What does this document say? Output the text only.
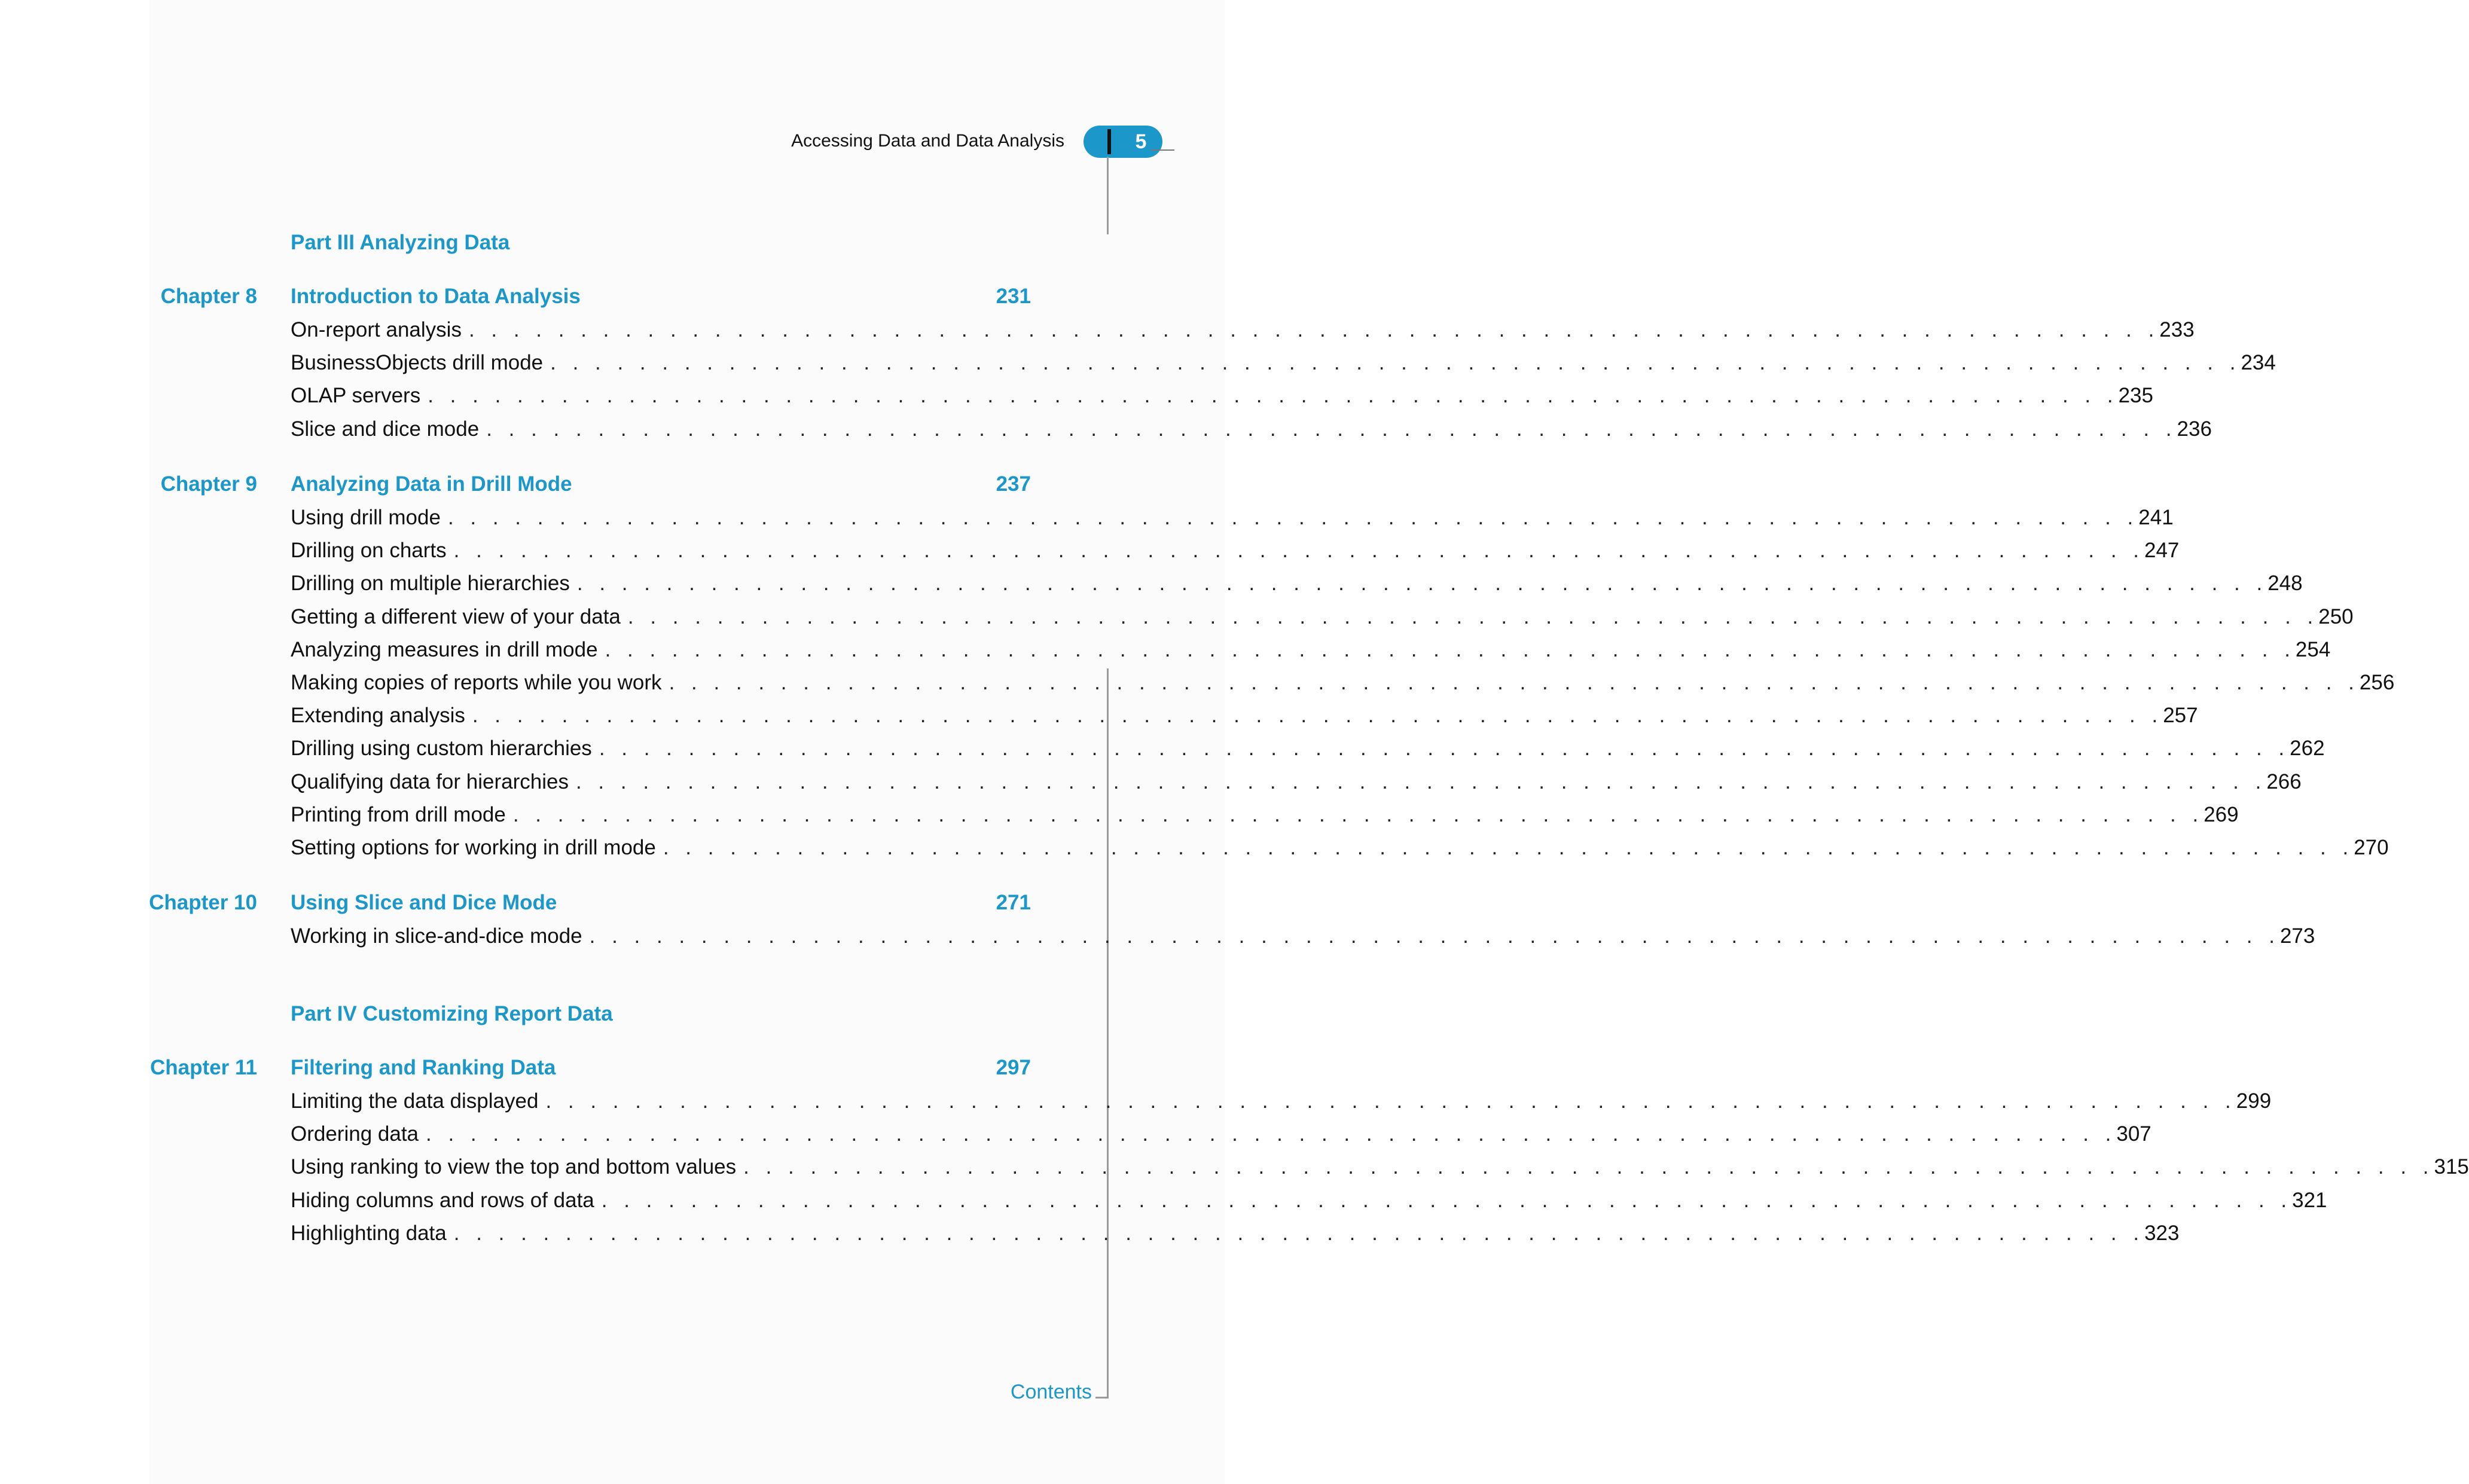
Accessing Data and Data Analysis	5
Contents
Part III Analyzing Data
Chapter 8 Introduction to Data Analysis	231
On-report analysis . . . . . . . . . . . . . . . . . . . . . . . . . . . . . . . . . . . . . . . . . . . . . . . . . . . . . . . . . . . . . . . . . . . . . . . . . . . . 233
BusinessObjects drill mode . . . . . . . . . . . . . . . . . . . . . . . . . . . . . . . . . . . . . . . . . . . . . . . . . . . . . . . . . . . . . . . . . . . . . . . . . . . . 234
OLAP servers . . . . . . . . . . . . . . . . . . . . . . . . . . . . . . . . . . . . . . . . . . . . . . . . . . . . . . . . . . . . . . . . . . . . . . . . . . . . 235
Slice and dice mode . . . . . . . . . . . . . . . . . . . . . . . . . . . . . . . . . . . . . . . . . . . . . . . . . . . . . . . . . . . . . . . . . . . . . . . . . . . . 236
Chapter 9 Analyzing Data in Drill Mode	237
Using drill mode . . . . . . . . . . . . . . . . . . . . . . . . . . . . . . . . . . . . . . . . . . . . . . . . . . . . . . . . . . . . . . . . . . . . . . . . . . . . 241
Drilling on charts . . . . . . . . . . . . . . . . . . . . . . . . . . . . . . . . . . . . . . . . . . . . . . . . . . . . . . . . . . . . . . . . . . . . . . . . . . . . 247
Drilling on multiple hierarchies . . . . . . . . . . . . . . . . . . . . . . . . . . . . . . . . . . . . . . . . . . . . . . . . . . . . . . . . . . . . . . . . . . . . . . . . . . . . 248
Getting a different view of your data . . . . . . . . . . . . . . . . . . . . . . . . . . . . . . . . . . . . . . . . . . . . . . . . . . . . . . . . . . . . . . . . . . . . . . . . . . . . 250
Analyzing measures in drill mode . . . . . . . . . . . . . . . . . . . . . . . . . . . . . . . . . . . . . . . . . . . . . . . . . . . . . . . . . . . . . . . . . . . . . . . . . . . . 254
Making copies of reports while you work . . . . . . . . . . . . . . . . . . . . . . . . . . . . . . . . . . . . . . . . . . . . . . . . . . . . . . . . . . . . . . . . . . . . . . . . . . . . 256
Extending analysis . . . . . . . . . . . . . . . . . . . . . . . . . . . . . . . . . . . . . . . . . . . . . . . . . . . . . . . . . . . . . . . . . . . . . . . . . . . . 257
Drilling using custom hierarchies . . . . . . . . . . . . . . . . . . . . . . . . . . . . . . . . . . . . . . . . . . . . . . . . . . . . . . . . . . . . . . . . . . . . . . . . . . . . 262
Qualifying data for hierarchies . . . . . . . . . . . . . . . . . . . . . . . . . . . . . . . . . . . . . . . . . . . . . . . . . . . . . . . . . . . . . . . . . . . . . . . . . . . . 266
Printing from drill mode . . . . . . . . . . . . . . . . . . . . . . . . . . . . . . . . . . . . . . . . . . . . . . . . . . . . . . . . . . . . . . . . . . . . . . . . . . . . 269
Setting options for working in drill mode . . . . . . . . . . . . . . . . . . . . . . . . . . . . . . . . . . . . . . . . . . . . . . . . . . . . . . . . . . . . . . . . . . . . . . . . . . . . 270
Chapter 10 Using Slice and Dice Mode	271
Working in slice-and-dice mode . . . . . . . . . . . . . . . . . . . . . . . . . . . . . . . . . . . . . . . . . . . . . . . . . . . . . . . . . . . . . . . . . . . . . . . . . . . . 273
Part IV Customizing Report Data
Chapter 11 Filtering and Ranking Data	297
Limiting the data displayed . . . . . . . . . . . . . . . . . . . . . . . . . . . . . . . . . . . . . . . . . . . . . . . . . . . . . . . . . . . . . . . . . . . . . . . . . . . . 299
Ordering data . . . . . . . . . . . . . . . . . . . . . . . . . . . . . . . . . . . . . . . . . . . . . . . . . . . . . . . . . . . . . . . . . . . . . . . . . . . . 307
Using ranking to view the top and bottom values . . . . . . . . . . . . . . . . . . . . . . . . . . . . . . . . . . . . . . . . . . . . . . . . . . . . . . . . . . . . . . . . . . . . . . . . . . . . 315
Hiding columns and rows of data . . . . . . . . . . . . . . . . . . . . . . . . . . . . . . . . . . . . . . . . . . . . . . . . . . . . . . . . . . . . . . . . . . . . . . . . . . . . 321
Highlighting data . . . . . . . . . . . . . . . . . . . . . . . . . . . . . . . . . . . . . . . . . . . . . . . . . . . . . . . . . . . . . . . . . . . . . . . . . . . . 323
